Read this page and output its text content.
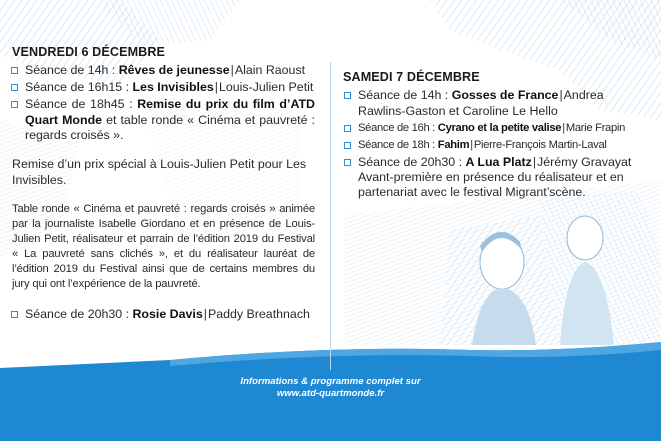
VENDREDI 6 DÉCEMBRE
Séance de 14h : Rêves de jeunesse|Alain Raoust
Séance de 16h15 : Les Invisibles|Louis-Julien Petit
Séance de 18h45 : Remise du prix du film d’ATD Quart Monde et table ronde « Cinéma et pauvreté : regards croisés ».
Remise d’un prix spécial à Louis-Julien Petit pour Les Invisibles.
Table ronde « Cinéma et pauvreté : regards croisés » animée par la journaliste Isabelle Giordano et en présence de Louis-Julien Petit, réalisateur et parrain de l’édition 2019 du Festival « La pauvreté sans clichés », et du réalisateur lauréat de l’édition 2019 du Festival ainsi que de certains membres du jury qui ont l’expérience de la pauvreté.
Séance de 20h30 : Rosie Davis|Paddy Breathnach
SAMEDI 7 DÉCEMBRE
Séance de 14h : Gosses de France|Andrea Rawlins-Gaston et Caroline Le Hello
Séance de 16h : Cyrano et la petite valise|Marie Frapin
Séance de 18h : Fahim|Pierre-François Martin-Laval
Séance de 20h30 : A Lua Platz|Jérémy Gravayat
Avant-première en présence du réalisateur et en partenariat avec le festival Migrant’scène.
Informations & programme complet sur
www.atd-quartmonde.fr
